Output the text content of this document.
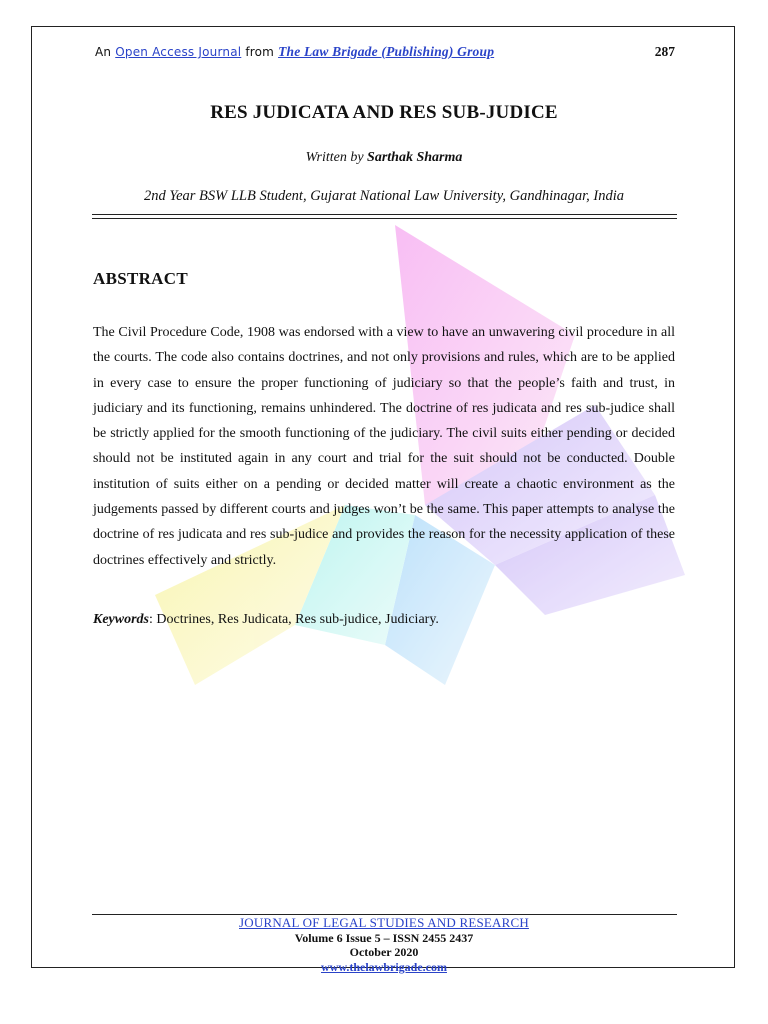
An Open Access Journal from The Law Brigade (Publishing) Group	287
RES JUDICATA AND RES SUB-JUDICE
Written by Sarthak Sharma
2nd Year BSW LLB Student, Gujarat National Law University, Gandhinagar, India
ABSTRACT
The Civil Procedure Code, 1908 was endorsed with a view to have an unwavering civil procedure in all the courts. The code also contains doctrines, and not only provisions and rules, which are to be applied in every case to ensure the proper functioning of judiciary so that the people’s faith and trust, in judiciary and its functioning, remains unhindered. The doctrine of res judicata and res sub-judice shall be strictly applied for the smooth functioning of the judiciary. The civil suits either pending or decided should not be instituted again in any court and trial for the suit should not be conducted. Double institution of suits either on a pending or decided matter will create a chaotic environment as the judgements passed by different courts and judges won’t be the same. This paper attempts to analyse the doctrine of res judicata and res sub-judice and provides the reason for the necessity application of these doctrines effectively and strictly.
Keywords: Doctrines, Res Judicata, Res sub-judice, Judiciary.
JOURNAL OF LEGAL STUDIES AND RESEARCH
Volume 6 Issue 5 – ISSN 2455 2437
October 2020
www.thelawbrigade.com
